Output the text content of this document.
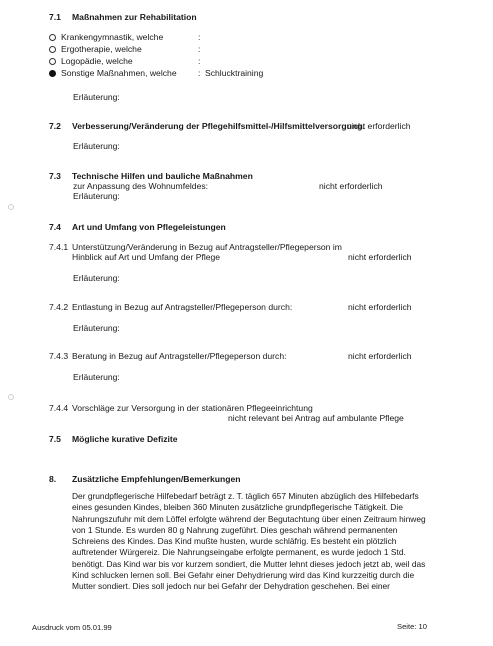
7.1 Maßnahmen zur Rehabilitation
Krankengymnastik, welche	:
Ergotherapie, welche	:
Logopädie, welche	:
Sonstige Maßnahmen, welche : Schlucktraining
Erläuterung:
7.2 Verbesserung/Veränderung der Pflegehilfsmittel-/Hilfsmittelversorgung:
nicht erforderlich
Erläuterung:
7.3 Technische Hilfen und bauliche Maßnahmen
zur Anpassung des Wohnumfeldes:	nicht erforderlich
Erläuterung:
7.4 Art und Umfang von Pflegeleistungen
7.4.1 Unterstützung/Veränderung in Bezug auf Antragsteller/Pflegeperson im
Hinblick auf Art und Umfang der Pflege	nicht erforderlich
Erläuterung:
7.4.2 Entlastung in Bezug auf Antragsteller/Pflegeperson durch:	nicht erforderlich
Erläuterung:
7.4.3 Beratung in Bezug auf Antragsteller/Pflegeperson durch:	nicht erforderlich
Erläuterung:
7.4.4 Vorschläge zur Versorgung in der stationären Pflegeeinrichtung
nicht relevant bei Antrag auf ambulante Pflege
7.5 Mögliche kurative Defizite
8. Zusätzliche Empfehlungen/Bemerkungen
Der grundpflegerische Hilfebedarf beträgt z. T. täglich 657 Minuten abzüglich des Hilfebedarfs eines gesunden Kindes, bleiben 360 Minuten zusätzliche grundpflegerische Tätigkeit. Die Nahrungszufuhr mit dem Löffel erfolgte während der Begutachtung über einen Zeitraum hinweg von 1 Stunde. Es wurden 80 g Nahrung zugeführt. Dies geschah während permanenten Schreiens des Kindes. Das Kind mußte husten, wurde schläfrig. Es besteht ein plötzlich auftretender Würgereiz. Die Nahrungseingabe erfolgte permanent, es wurde jedoch 1 Std. benötigt. Das Kind war bis vor kurzem sondiert, die Mutter lehnt dieses jedoch jetzt ab, weil das Kind schlucken lernen soll. Bei Gefahr einer Dehydrierung wird das Kind kurzzeitig durch die Mutter sondiert. Dies soll jedoch nur bei Gefahr der Dehydration geschehen. Bei einer
Ausdruck vom 05.01.99	Seite: 10
